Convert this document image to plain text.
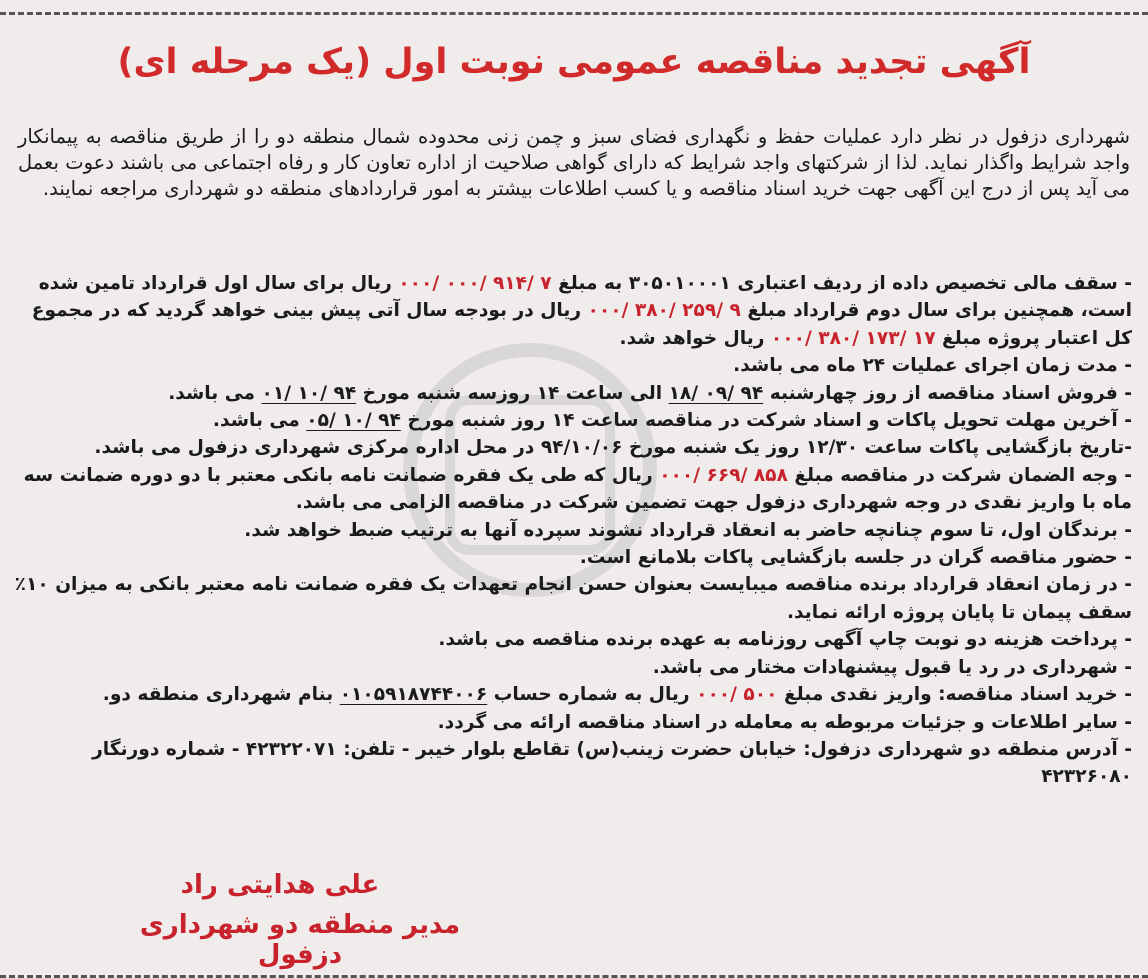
آگهی تجدید مناقصه عمومی نوبت اول (یک مرحله ای)
شهرداری دزفول در نظر دارد عملیات حفظ و نگهداری فضای سبز و چمن زنی محدوده شمال منطقه دو را از طریق مناقصه به پیمانکار واجد شرایط واگذار نماید. لذا از شرکتهای واجد شرایط که دارای گواهی صلاحیت از اداره تعاون کار و رفاه اجتماعی می باشند دعوت بعمل می آید پس از درج این آگهی جهت خرید اسناد مناقصه و یا کسب اطلاعات بیشتر به امور قراردادهای منطقه دو شهرداری مراجعه نمایند.
- سقف مالی تخصیص داده از ردیف اعتباری ۳۰۵۰۱۰۰۰۱ به مبلغ ۷ /۹۱۴ /۰۰۰ /۰۰۰ ریال برای سال اول قرارداد تامین شده است، همچنین برای سال دوم قرارداد مبلغ ۹ /۲۵۹ /۳۸۰ /۰۰۰ ریال در بودجه سال آتی پیش بینی خواهد گردید که در مجموع کل اعتبار پروژه مبلغ ۱۷ /۱۷۳ /۳۸۰ /۰۰۰ ریال خواهد شد.
- مدت زمان اجرای عملیات ۲۴ ماه می باشد.
- فروش اسناد مناقصه از روز چهارشنبه ۹۴ /۰۹ /۱۸ الی ساعت ۱۴ روزسه شنبه مورخ ۹۴ /۱۰ /۰۱ می باشد.
- آخرین مهلت تحویل پاکات و اسناد شرکت در مناقصه ساعت ۱۴ روز شنبه مورخ ۹۴ /۱۰ /۰۵ می باشد.
-تاریخ بازگشایی پاکات ساعت ۱۲/۳۰ روز یک شنبه مورخ ۹۴/۱۰/۰۶ در محل اداره مرکزی شهرداری دزفول می باشد.
- وجه الضمان شرکت در مناقصه مبلغ ۸۵۸ /۶۶۹ /۰۰۰ ریال که طی یک فقره ضمانت نامه بانکی معتبر با دو دوره ضمانت سه ماه با واریز نقدی در وجه شهرداری دزفول جهت تضمین شرکت در مناقصه الزامی می باشد.
- برندگان اول، تا سوم چنانچه حاضر به انعقاد قرارداد نشوند سپرده آنها به ترتیب ضبط خواهد شد.
- حضور مناقصه گران در جلسه بازگشایی پاکات بلامانع است.
- در زمان انعقاد قرارداد برنده مناقصه میبایست بعنوان حسن انجام تعهدات یک فقره ضمانت نامه معتبر بانکی به میزان ۱۰٪ سقف پیمان تا پایان پروژه ارائه نماید.
- پرداخت هزینه دو نوبت چاپ آگهی روزنامه به عهده برنده مناقصه می باشد.
- شهرداری در رد یا قبول پیشنهادات مختار می باشد.
- خرید اسناد مناقصه: واریز نقدی مبلغ ۵۰۰ /۰۰۰ ریال به شماره حساب ۰۱۰۵۹۱۸۷۴۴۰۰۶ بنام شهرداری منطقه دو.
- سایر اطلاعات و جزئیات مربوطه به معامله در اسناد مناقصه ارائه می گردد.
- آدرس منطقه دو شهرداری دزفول: خیابان حضرت زینب(س) تقاطع بلوار خیبر - تلفن: ۴۲۳۲۲۰۷۱ - شماره دورنگار ۴۲۳۲۶۰۸۰
علی هدایتی راد
مدیر منطقه دو شهرداری دزفول
